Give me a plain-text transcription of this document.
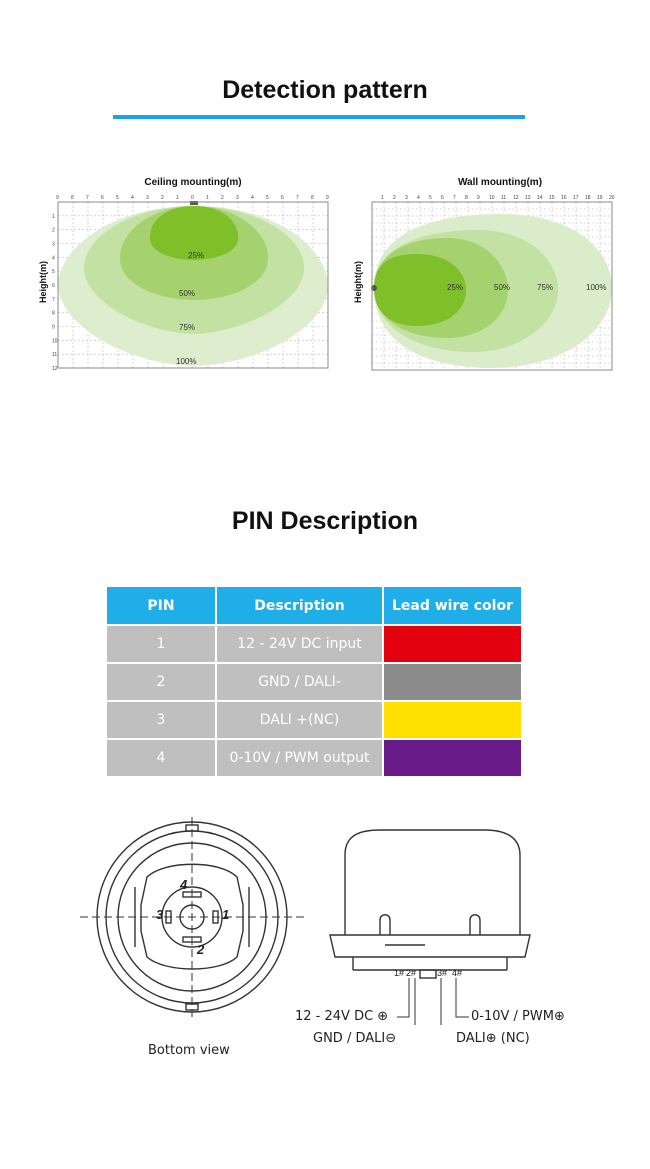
Detection pattern
Ceiling mounting(m)
Height(m)
9 8 7 6 5 4 3 2 1 0 1 2 3 4 5 6 7 8 9
1
2
3
4
5
6
7
8
9
10
11
12
25%
50%
75%
100%
Wall mounting(m)
Height(m)
1 2 3 4 5 6 7 8 9 10 11 12 13 14 15 16 17 18 19 20
25%	50%	75%	100%
PIN Description
PIN	Description	Lead wire color
1	12 - 24V DC input	

2	GND / DALI-	

3	DALI +(NC)	

4	0-10V / PWM output	
4
3	1
2
Bottom view
1# 2# 3# 4#
12 - 24V DC ⊕
GND / DALI⊖
0-10V / PWM⊕
DALI⊕ (NC)
